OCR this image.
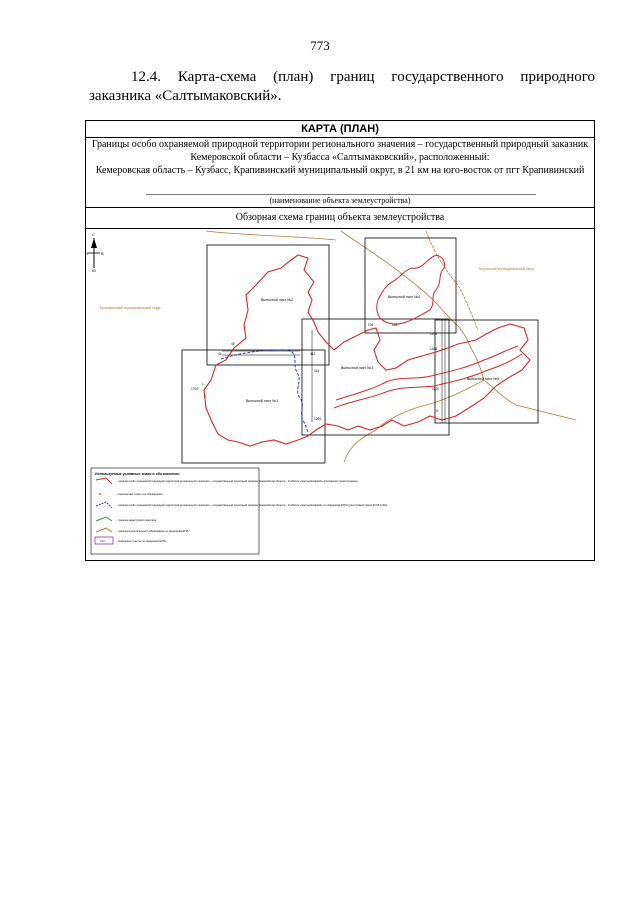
773
12.4. Карта-схема (план) границ государственного природного заказника «Салтымаковский».
КАРТА (ПЛАН)
Границы особо охраняемой природной территории регионального значения – государственный природный заказник Кемеровской области – Кузбасса «Салтымаковский», расположенный:
Кемеровская область – Кузбасс, Крапивинский муниципальный округ, в 21 км на юго-восток от пгт Крапивинский
(наименование объекта землеустройства)
Обзорная схема границ объекта землеустройства
С
Ю
З	В
Крапивинский муниципальный округ
Тисульский муниципальный округ
Выносной лист №1
Выносной лист №2
Выносной лист №3
Выносной лист №4
Выносной лист №5
1
45
44
2
1700
412
414
1260
104	105
1205
1406
1220
3
Используемые условные знаки и обозначения:
– граница особо охраняемой природной территории регионального значения – государственный природный заказник Кемеровской области – Кузбасса «Салтымаковский» (положение проектируемое)
– характерная точка и ее обозначение
– граница особо охраняемой природной территории регионального значения – государственный природный заказник Кемеровской области – Кузбасса «Салтымаковский» по сведениям ЕГРН (реестровый номер 42:05-6.302)
– граница кадастрового квартала
– граница муниципального образования по сведениям ЕГРН
:198	– земельные участки по сведениям ЕГРН
